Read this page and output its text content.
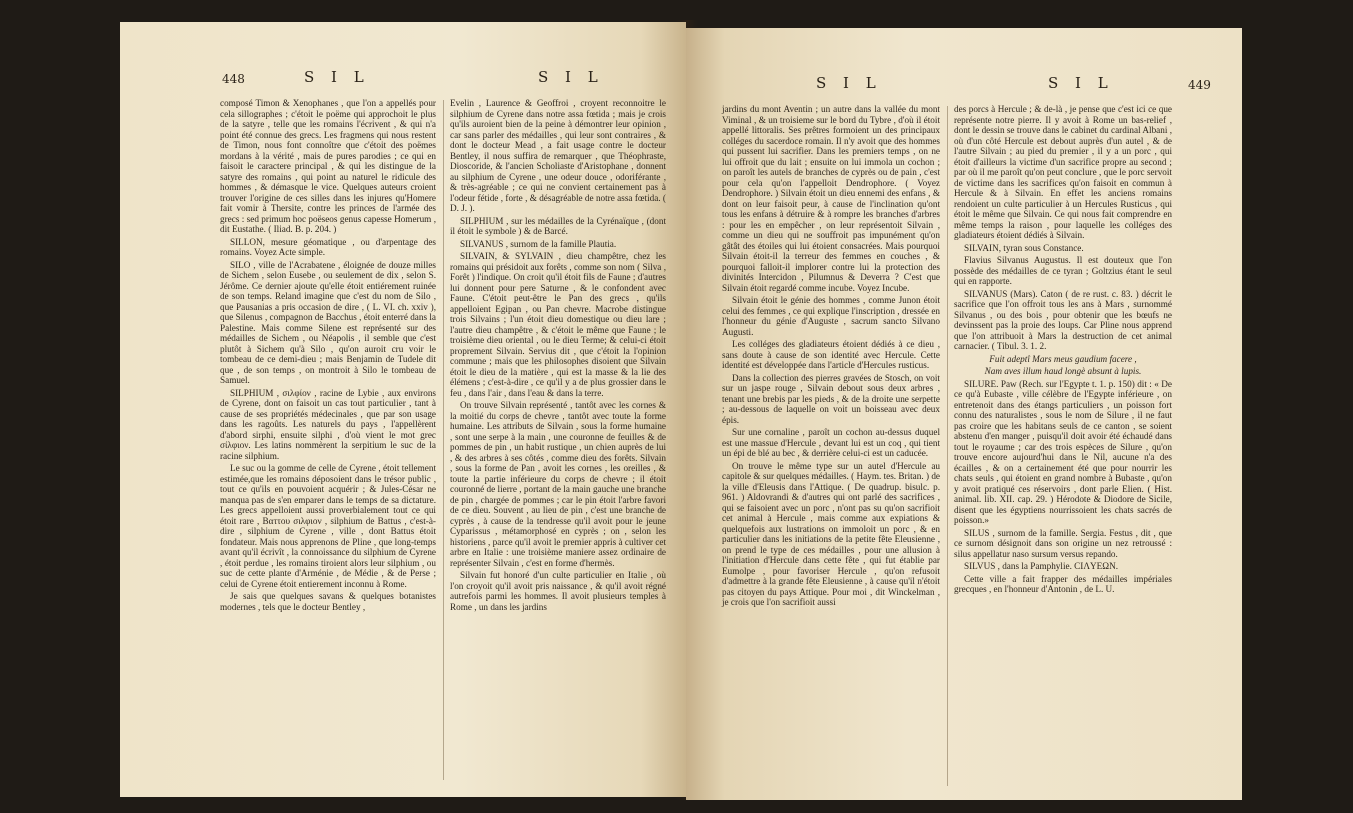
448	S I L	S I L

composé Timon & Xenophanes , que l'on a appellés pour cela sillographes ; c'étoit le poëme qui approchoit le plus de la satyre , telle que les romains l'écrivent , & qui n'a point été connue des grecs. Les fragmens qui nous restent de Timon, nous font connoître que c'étoit des poëmes mordans à la vérité , mais de pures parodies ; ce qui en faisoit le caractere principal , & qui les distingue de la satyre des romains , qui point au naturel le ridicule des hommes , & démasque le vice. Quelques auteurs croient trouver l'origine de ces silles dans les injures qu'Homere fait vomir à Thersite, contre les princes de l'armée des grecs : sed primum hoc poëseos genus capesse Homerum , dit Eustathe. ( Iliad. B. p. 204. )

SILLON, mesure géomatique , ou d'arpentage des romains. Voyez Acte simple.

SILO , ville de l'Acrabatene , éloignée de douze milles de Sichem , selon Eusebe , ou seulement de dix , selon S. Jérôme. Ce dernier ajoute qu'elle étoit entiérement ruinée de son temps. Reland imagine que c'est du nom de Silo , que Pausanias a pris occasion de dire , ( L. VI. ch. xxiv ), que Silenus , compagnon de Bacchus , étoit enterré dans la Palestine. Mais comme Silene est représenté sur des médailles de Sichem , ou Néapolis , il semble que c'est plutôt à Sichem qu'à Silo , qu'on auroit cru voir le tombeau de ce demi-dieu ; mais Benjamin de Tudele dit que , de son temps , on montroit à Silo le tombeau de Samuel.

SILPHIUM , σιλφίον , racine de Lybie , aux environs de Cyrene, dont on faisoit un cas tout particulier , tant à cause de ses propriétés médecinales , que par son usage dans les ragoûts. Les naturels du pays , l'appellèrent d'abord sirphi, ensuite silphi , d'où vient le mot grec σίλφιον. Les latins nommèrent la serpitium le suc de la racine silphium.

Le suc ou la gomme de celle de Cyrene , étoit tellement estimée,que les romains déposoient dans le trésor public , tout ce qu'ils en pouvoient acquérir ; & Jules-César ne manqua pas de s'en emparer dans le temps de sa dictature. Les grecs appelloient aussi proverbialement tout ce qui étoit rare , Βαττου σιλφιον , silphium de Battus , c'est-à-dire , silphium de Cyrene , ville , dont Battus étoit fondateur. Mais nous apprenons de Pline , que long-temps avant qu'il écrivît , la connoissance du silphium de Cyrene , étoit perdue , les romains tiroient alors leur silphium , ou suc de cette plante d'Arménie , de Médie , & de Perse ; celui de Cyrene étoit entierement inconnu à Rome.

Je sais que quelques savans & quelques botanistes modernes , tels que le docteur Bentley ,

Evelin , Laurence & Geoffroi , croyent reconnoitre le silphium de Cyrene dans notre assa fœtida ; mais je crois qu'ils auroient bien de la peine à démontrer leur opinion , car sans parler des médailles , qui leur sont contraires , & dont le docteur Mead , a fait usage contre le docteur Bentley, il nous suffira de remarquer , que Théophraste, Dioscoride, & l'ancien Scholiaste d'Aristophane , donnent au silphium de Cyrene , une odeur douce , odoriférante , & très-agréable ; ce qui ne convient certainement pas à l'odeur fétide , forte , & désagréable de notre assa fœtida. ( D. J. ).

SILPHIUM , sur les médailles de la Cyrénaïque , (dont il étoit le symbole ) & de Barcé.

SILVANUS , surnom de la famille Plautia.

SILVAIN, & SYLVAIN , dieu champêtre, chez les romains qui présidoit aux forêts , comme son nom ( Silva , Forêt ) l'indique. On croit qu'il étoit fils de Faune ; d'autres lui donnent pour pere Saturne , & le confondent avec Faune. C'étoit peut-être le Pan des grecs , qu'ils appelloient Egipan , ou Pan chevre. Macrobe distingue trois Silvains ; l'un étoit dieu domestique ou dieu lare ; l'autre dieu champêtre , & c'étoit le même que Faune ; le troisième dieu oriental , ou le dieu Terme; & celui-ci étoit proprement Silvain. Servius dit , que c'étoit la l'opinion commune ; mais que les philosophes disoient que Silvain étoit le dieu de la matière , qui est la masse & la lie des élémens ; c'est-à-dire , ce qu'il y a de plus grossier dans le feu , dans l'air , dans l'eau & dans la terre.

On trouve Silvain représenté , tantôt avec les cornes & la moitié du corps de chevre , tantôt avec toute la forme humaine. Les attributs de Silvain , sous la forme humaine , sont une serpe à la main , une couronne de feuilles & de pommes de pin , un habit rustique , un chien auprès de lui , & des arbres à ses côtés , comme dieu des forêts. Silvain , sous la forme de Pan , avoit les cornes , les oreilles , & toute la partie inférieure du corps de chevre ; il étoit couronné de lierre , portant de la main gauche une branche de pin , chargée de pommes ; car le pin étoit l'arbre favori de ce dieu. Souvent , au lieu de pin , c'est une branche de cyprès , à cause de la tendresse qu'il avoit pour le jeune Cyparissus , métamorphosé en cyprès ; on , selon les historiens , parce qu'il avoit le premier appris à cultiver cet arbre en Italie : une troisième maniere assez ordinaire de représenter Silvain , c'est en forme d'hermès.

Silvain fut honoré d'un culte particulier en Italie , où l'on croyoit qu'il avoit pris naissance , & qu'il avoit régné autrefois parmi les hommes. Il avoit plusieurs temples à Rome , un dans les jardins

S I L	S I L	449

jardins du mont Aventin ; un autre dans la vallée du mont Viminal , & un troisieme sur le bord du Tybre , d'où il étoit appellé littoralis. Ses prêtres formoient un des principaux colléges du sacerdoce romain. Il n'y avoit que des hommes qui pussent lui sacrifier. Dans les premiers temps , on ne lui offroit que du lait ; ensuite on lui immola un cochon ; on paroît les autels de branches de cyprès ou de pain , c'est pour cela qu'on l'appelloit Dendrophore. ( Voyez Dendrophore. ) Silvain étoit un dieu ennemi des enfans , & dont on leur faisoit peur, à cause de l'inclination qu'ont tous les enfans à détruire & à rompre les branches d'arbres : pour les en empêcher , on leur représentoit Silvain , comme un dieu qui ne souffroit pas impunément qu'on gâtât des étoiles qui lui étoient consacrées. Mais pourquoi Silvain étoit-il la terreur des femmes en couches , & pourquoi falloit-il implorer contre lui la protection des divinités Intercidon , Pilumnus & Deverra ? C'est que Silvain étoit regardé comme incube. Voyez Incube.

Silvain étoit le génie des hommes , comme Junon étoit celui des femmes , ce qui explique l'inscription , dressée en l'honneur du génie d'Auguste , sacrum sancto Silvano Augusti.

Les colléges des gladiateurs étoient dédiés à ce dieu , sans doute à cause de son identité avec Hercule. Cette identité est développée dans l'article d'Hercules rusticus.

Dans la collection des pierres gravées de Stosch, on voit sur un jaspe rouge , Silvain debout sous deux arbres , tenant une brebis par les pieds , & de la droite une serpette ; au-dessous de laquelle on voit un boisseau avec deux épis.

Sur une cornaline , paroît un cochon au-dessus duquel est une massue d'Hercule , devant lui est un coq , qui tient un épi de blé au bec , & derrière celui-ci est un caducée.

On trouve le même type sur un autel d'Hercule au capitole & sur quelques médailles. ( Haym. tes. Britan. ) de la ville d'Eleusis dans l'Attique. ( De quadrup. bisulc. p. 961. ) Aldovrandi & d'autres qui ont parlé des sacrifices , qui se faisoient avec un porc , n'ont pas su qu'on sacrifioit cet animal à Hercule , mais comme aux expiations & quelquefois aux lustrations on immoloit un porc , & en particulier dans les initiations de la petite fête Eleusienne , on prend le type de ces médailles , pour une allusion à l'initiation d'Hercule dans cette fête , qui fut établie par Eumolpe , pour favoriser Hercule , qu'on refusoit d'admettre à la grande fête Eleusienne , à cause qu'il n'étoit pas citoyen du pays Attique. Pour moi , dit Winckelman , je crois que l'on sacrifioit aussi

des porcs à Hercule ; & de-là , je pense que c'est ici ce que représente notre pierre. Il y avoit à Rome un bas-relief , dont le dessin se trouve dans le cabinet du cardinal Albani , où d'un côté Hercule est debout auprès d'un autel , & de l'autre Silvain ; au pied du premier , il y a un porc , qui étoit d'ailleurs la victime d'un sacrifice propre au second ; par où il me paroît qu'on peut conclure , que le porc servoit de victime dans les sacrifices qu'on faisoit en commun à Hercule & à Silvain. En effet les anciens romains rendoient un culte particulier à un Hercules Rusticus , qui étoit le même que Silvain. Ce qui nous fait comprendre en même temps la raison , pour laquelle les colléges des gladiateurs étoient dédiés à Silvain.

SILVAIN, tyran sous Constance.

Flavius Silvanus Augustus. Il est douteux que l'on possède des médailles de ce tyran ; Goltzius étant le seul qui en rapporte.

SILVANUS (Mars). Caton ( de re rust. c. 83. ) décrit le sacrifice que l'on offroit tous les ans à Mars , surnommé Silvanus , ou des bois , pour obtenir que les bœufs ne devinssent pas la proie des loups. Car Pline nous apprend que l'on attribuoit à Mars la destruction de cet animal carnacier. ( Tibul. 3. 1. 2.

Fuit adeptî Mars meus gaudium facere ,

Nam aves illum haud longè absunt à lupis.

SILURE. Paw (Rech. sur l'Egypte t. 1. p. 150) dit : « De ce qu'à Eubaste , ville célèbre de l'Egypte inférieure , on entretenoit dans des étangs particuliers , un poisson fort connu des naturalistes , sous le nom de Silure , il ne faut pas croire que les habitans seuls de ce canton , se soient abstenu d'en manger , puisqu'il doit avoir été échaudé dans tout le royaume ; car des trois espèces de Silure , qu'on trouve encore aujourd'hui dans le Nil, aucune n'a des écailles , & on a certainement été que pour nourrir les chats seuls , qui étoient en grand nombre à Bubaste , qu'on y avoit pratiqué ces réservoirs , dont parle Elien. ( Hist. animal. lib. XII. cap. 29. ) Hérodote & Diodore de Sicile, disent que les égyptiens nourrissoient les chats sacrés de poisson.»

SILUS , surnom de la famille. Sergia. Festus , dit , que ce surnom désignoit dans son origine un nez retroussé : silus appellatur naso sursum versus repando.

SILVUS , dans la Pamphylie. CIΛYEΩN.

Cette ville a fait frapper des médailles impériales grecques , en l'honneur d'Antonin , de L. U.
